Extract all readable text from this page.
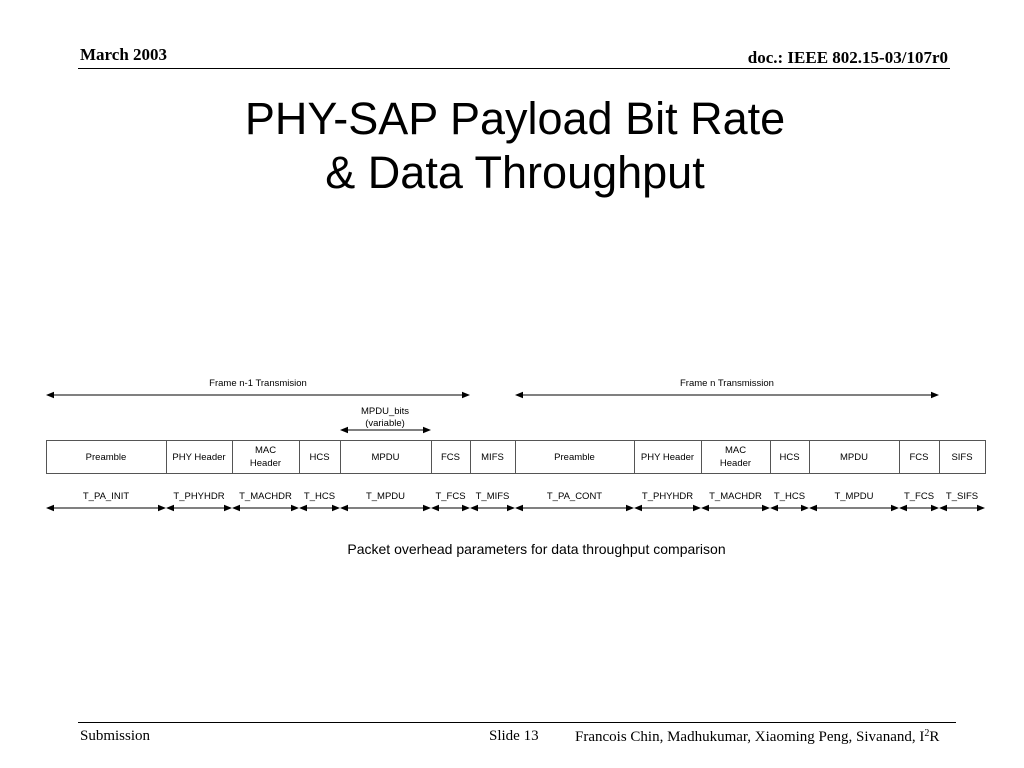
March 2003	doc.: IEEE 802.15-03/107r0
PHY-SAP Payload Bit Rate
& Data Throughput
Frame n-1 Transmision	Frame n Transmission
MPDU_bits
(variable)
Preamble	PHY Header
MAC
Header
HCS	MPDU	FCS MIFS	Preamble	PHY Header
MAC
Header
HCS	MPDU	FCS SIFS
T_PA_INIT	T_PHYHDR T_MACHDR T_HCS	T_MPDU	T_FCS T_MIFS	T_PA_CONT	T_PHYHDR T_MACHDR T_HCS	T_MPDU	T_FCS T_SIFS
Packet overhead parameters for data throughput comparison
Submission	Slide 13 Francois Chin, Madhukumar, Xiaoming Peng, Sivanand, $I^2R$
